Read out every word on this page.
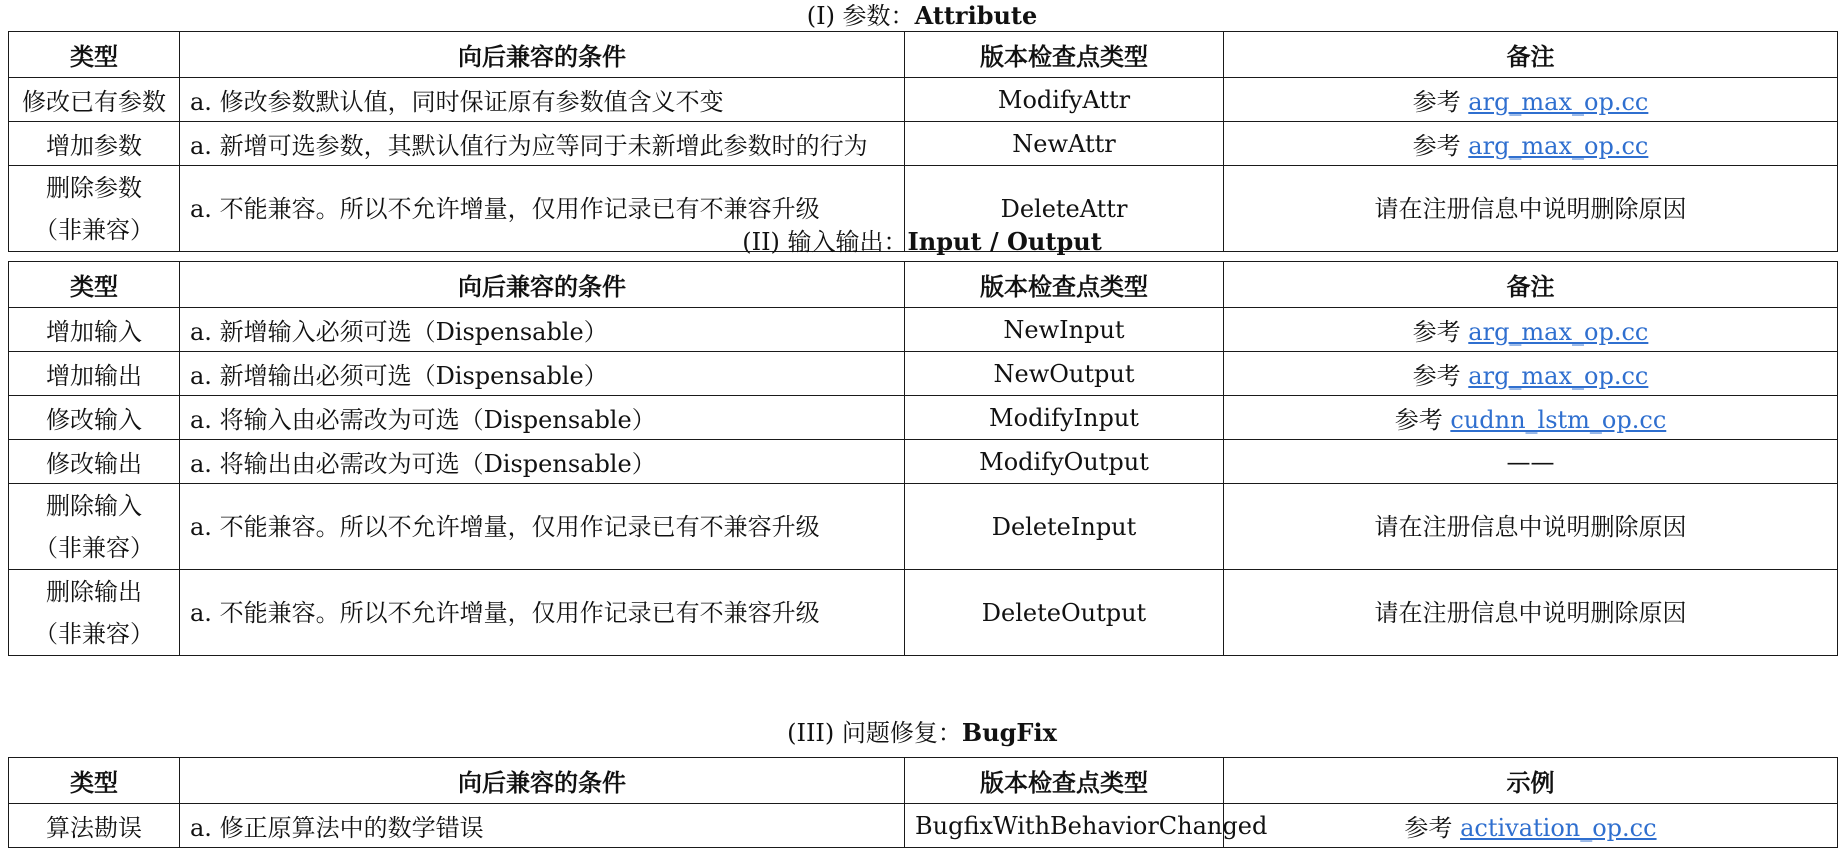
(I) 参数：Attribute
类型	向后兼容的条件	版本检查点类型	备注
修改已有参数	a. 修改参数默认值，同时保证原有参数值含义不变	ModifyAttr	参考 arg_max_op.cc
增加参数	a. 新增可选参数，其默认值行为应等同于未新增此参数时的行为	NewAttr	参考 arg_max_op.cc

删除参数
（非兼容）	a. 不能兼容。所以不允许增量，仅用作记录已有不兼容升级	DeleteAttr	请在注册信息中说明删除原因
(II) 输入输出：Input / Output
类型	向后兼容的条件	版本检查点类型	备注
增加输入	a. 新增输入必须可选（Dispensable）	NewInput	参考 arg_max_op.cc
增加输出	a. 新增输出必须可选（Dispensable）	NewOutput	参考 arg_max_op.cc
修改输入	a. 将输入由必需改为可选（Dispensable）	ModifyInput	参考 cudnn_lstm_op.cc
修改输出	a. 将输出由必需改为可选（Dispensable）	ModifyOutput	——

删除输入
（非兼容）	a. 不能兼容。所以不允许增量，仅用作记录已有不兼容升级	DeleteInput	请在注册信息中说明删除原因

删除输出
（非兼容）	a. 不能兼容。所以不允许增量，仅用作记录已有不兼容升级	DeleteOutput	请在注册信息中说明删除原因
(III) 问题修复：BugFix
类型	向后兼容的条件	版本检查点类型	示例
算法勘误	a. 修正原算法中的数学错误	BugfixWithBehaviorChanged	参考 activation_op.cc
